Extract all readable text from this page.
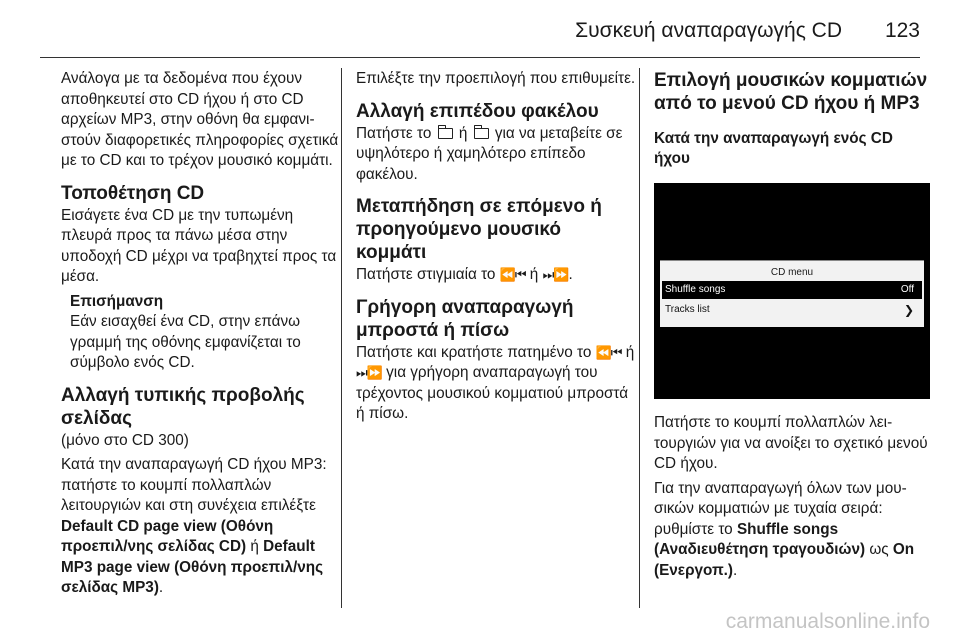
Συσκευή αναπαραγωγής CD 123

Ανάλογα με τα δεδομένα που έχουν αποθηκευτεί στο CD ήχου ή στο CD αρχείων MP3, στην οθόνη θα εμφανιστούν διαφορετικές πληροφορίες σχετικά με το CD και το τρέχον μουσικό κομμάτι.

Τοποθέτηση CD

Εισάγετε ένα CD με την τυπωμένη πλευρά προς τα πάνω μέσα στην υποδοχή CD μέχρι να τραβηχτεί προς τα μέσα.

Επισήμανση
Εάν εισαχθεί ένα CD, στην επάνω γραμμή της οθόνης εμφανίζεται το σύμβολο ενός CD.
Αλλαγή τυπικής προβολής σελίδας

(μόνο στο CD 300)

Κατά την αναπαραγωγή CD ήχου MP3: πατήστε το κουμπί πολλαπλών λειτουργιών και στη συνέχεια επιλέξτε Default CD page view (Οθόνη προεπιλ/νης σελίδας CD) ή Default MP3 page view (Οθόνη προεπιλ/νης σελίδας MP3).

Επιλέξτε την προεπιλογή που επιθυμείτε.

Αλλαγή επιπέδου φακέλου

Πατήστε το ή για να μεταβείτε σε υψηλότερο ή χαμηλότερο επίπεδο φακέλου.

Μεταπήδηση σε επόμενο ή προηγούμενο μουσικό κομμάτι

Πατήστε στιγμιαία το ⏪⏮ ή ⏭⏩.

Γρήγορη αναπαραγωγή μπροστά ή πίσω

Πατήστε και κρατήστε πατημένο το ⏪⏮ ή ⏭⏩ για γρήγορη αναπαραγωγή του τρέχοντος μουσικού κομματιού μπροστά ή πίσω.

Επιλογή μουσικών κομματιών από το μενού CD ήχου ή MP3
Κατά την αναπαραγωγή ενός CD ήχου
CD menu
Shuffle songs	Off
Tracks list	❯

Πατήστε το κουμπί πολλαπλών λειτουργιών για να ανοίξει το σχετικό μενού CD ήχου.

Για την αναπαραγωγή όλων των μουσικών κομματιών με τυχαία σειρά: ρυθμίστε το Shuffle songs (Αναδιευθέτηση τραγουδιών) ως On (Ενεργοπ.).

carmanualsonline.info
